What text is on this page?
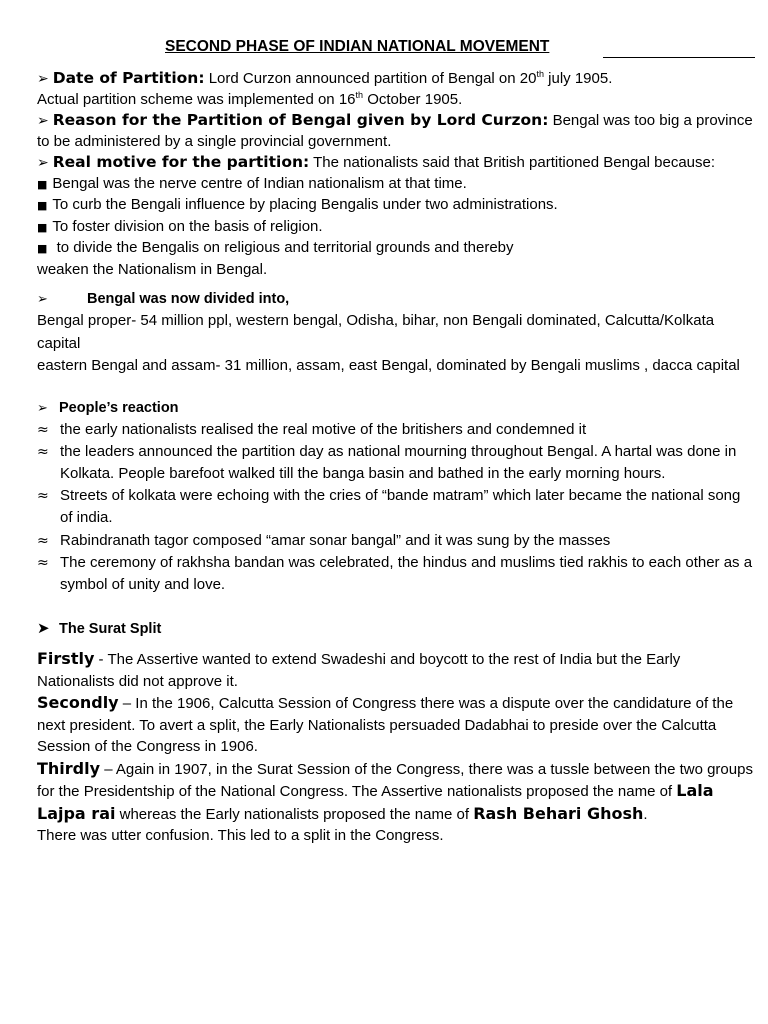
SECOND PHASE OF INDIAN NATIONAL MOVEMENT

➢ Date of Partition: Lord Curzon announced partition of Bengal on 20th july 1905.
Actual partition scheme was implemented on 16th October 1905.

➢ Reason for the Partition of Bengal given by Lord Curzon: Bengal was too big a province to be administered by a single provincial government.

➢ Real motive for the partition: The nationalists said that British partitioned Bengal because:

■ Bengal was the nerve centre of Indian nationalism at that time.

■ To curb the Bengali influence by placing Bengalis under two administrations.

■ To foster division on the basis of religion.

■ to divide the Bengalis on religious and territorial grounds and thereby

weaken the Nationalism in Bengal.

➢	Bengal was now divided into,

Bengal proper- 54 million ppl, western bengal, Odisha, bihar, non Bengali dominated, Calcutta/Kolkata capital

eastern Bengal and assam- 31 million, assam, east Bengal, dominated by Bengali muslims , dacca capital

➢ People’s reaction
≈ the early nationalists realised the real motive of the britishers and condemned it
≈ the leaders announced the partition day as national mourning throughout Bengal. A hartal was done in Kolkata. People barefoot walked till the banga basin and bathed in the early morning hours.
≈ Streets of kolkata were echoing with the cries of “bande matram” which later became the national song of india.
≈ Rabindranath tagor composed “amar sonar bangal” and it was sung by the masses
≈ The ceremony of rakhsha bandan was celebrated, the hindus and muslims tied rakhis to each other as a symbol of unity and love.
➤ The Surat Split

Firstly - The Assertive wanted to extend Swadeshi and boycott to the rest of India but the Early Nationalists did not approve it.

Secondly – In the 1906, Calcutta Session of Congress there was a dispute over the candidature of the next president. To avert a split, the Early Nationalists persuaded Dadabhai to preside over the Calcutta Session of the Congress in 1906.

Thirdly – Again in 1907, in the Surat Session of the Congress, there was a tussle between the two groups for the Presidentship of the National Congress. The Assertive nationalists proposed the name of Lala Lajpa rai whereas the Early nationalists proposed the name of Rash Behari Ghosh.

There was utter confusion. This led to a split in the Congress.
